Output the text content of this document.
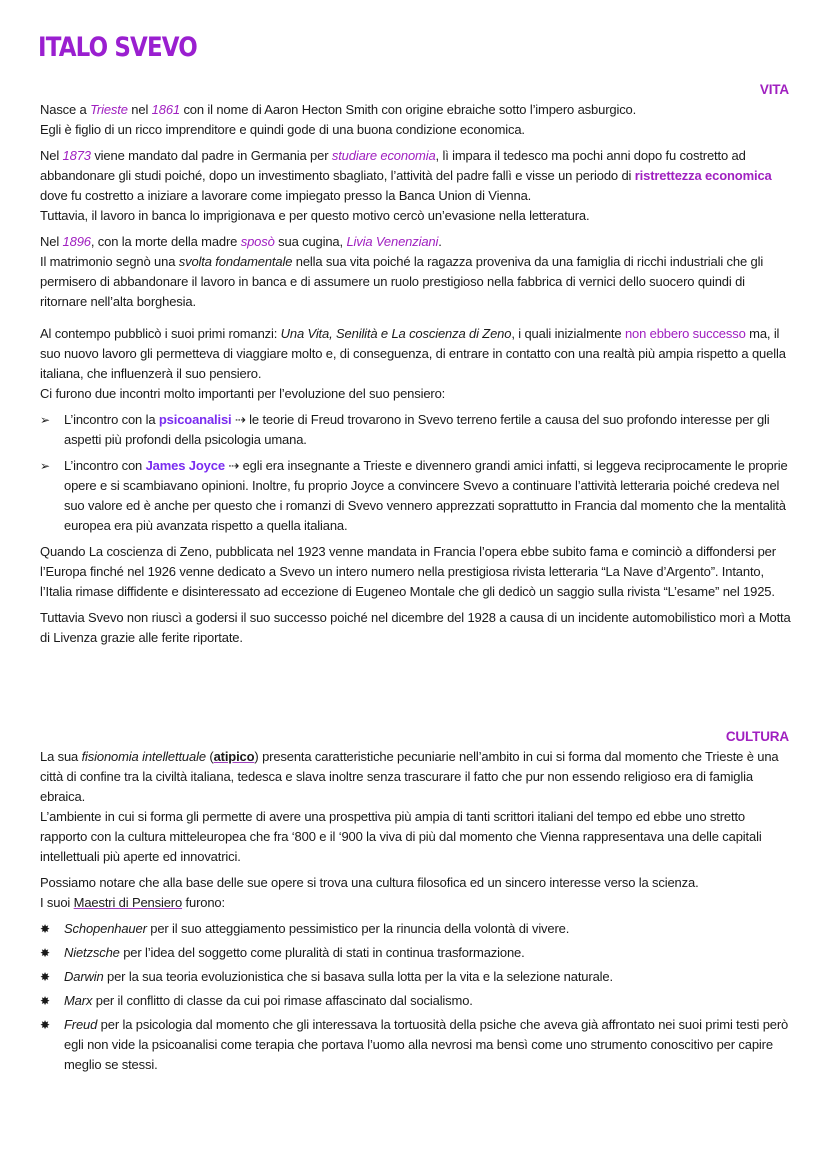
ITALO SVEVO
VITA

Nasce a Trieste nel 1861 con il nome di Aaron Hecton Smith con origine ebraiche sotto l’impero asburgico.
Egli è figlio di un ricco imprenditore e quindi gode di una buona condizione economica.

Nel 1873 viene mandato dal padre in Germania per studiare economia, lì impara il tedesco ma pochi anni dopo fu costretto ad abbandonare gli studi poiché, dopo un investimento sbagliato, l’attività del padre fallì e visse un periodo di ristrettezza economica dove fu costretto a iniziare a lavorare come impiegato presso la Banca Union di Vienna.
Tuttavia, il lavoro in banca lo imprigionava e per questo motivo cercò un’evasione nella letteratura.

Nel 1896, con la morte della madre sposò sua cugina, Livia Venenziani.
Il matrimonio segnò una svolta fondamentale nella sua vita poiché la ragazza proveniva da una famiglia di ricchi industriali che gli permisero di abbandonare il lavoro in banca e di assumere un ruolo prestigioso nella fabbrica di vernici dello suocero quindi di ritornare nell’alta borghesia.

Al contempo pubblicò i suoi primi romanzi: Una Vita, Senilità e La coscienza di Zeno, i quali inizialmente non ebbero successo ma, il suo nuovo lavoro gli permetteva di viaggiare molto e, di conseguenza, di entrare in contatto con una realtà più ampia rispetto a quella italiana, che influenzerà il suo pensiero.
Ci furono due incontri molto importanti per l’evoluzione del suo pensiero:

➢ L’incontro con la psicoanalisi ⇢ le teorie di Freud trovarono in Svevo terreno fertile a causa del suo profondo interesse per gli aspetti più profondi della psicologia umana.
➢ L’incontro con James Joyce ⇢ egli era insegnante a Trieste e divennero grandi amici infatti, si leggeva reciprocamente le proprie opere e si scambiavano opinioni. Inoltre, fu proprio Joyce a convincere Svevo a continuare l’attività letteraria poiché credeva nel suo valore ed è anche per questo che i romanzi di Svevo vennero apprezzati soprattutto in Francia dal momento che la mentalità europea era più avanzata rispetto a quella italiana.

Quando La coscienza di Zeno, pubblicata nel 1923 venne mandata in Francia l’opera ebbe subito fama e cominciò a diffondersi per l’Europa finché nel 1926 venne dedicato a Svevo un intero numero nella prestigiosa rivista letteraria “La Nave d’Argento”. Intanto, l’Italia rimase diffidente e disinteressato ad eccezione di Eugeneo Montale che gli dedicò un saggio sulla rivista “L’esame” nel 1925.

Tuttavia Svevo non riuscì a godersi il suo successo poiché nel dicembre del 1928 a causa di un incidente automobilistico morì a Motta di Livenza grazie alle ferite riportate.

CULTURA

La sua fisionomia intellettuale (atipico) presenta caratteristiche pecuniarie nell’ambito in cui si forma dal momento che Trieste è una città di confine tra la civiltà italiana, tedesca e slava inoltre senza trascurare il fatto che pur non essendo religioso era di famiglia ebraica.
L’ambiente in cui si forma gli permette di avere una prospettiva più ampia di tanti scrittori italiani del tempo ed ebbe uno stretto rapporto con la cultura mitteleuropea che fra ‘800 e il ‘900 la viva di più dal momento che Vienna rappresentava una delle capitali intellettuali più aperte ed innovatrici.

Possiamo notare che alla base delle sue opere si trova una cultura filosofica ed un sincero interesse verso la scienza.
I suoi Maestri di Pensiero furono:

✸ Schopenhauer per il suo atteggiamento pessimistico per la rinuncia della volontà di vivere.
✸ Nietzsche per l’idea del soggetto come pluralità di stati in continua trasformazione.
✸ Darwin per la sua teoria evoluzionistica che si basava sulla lotta per la vita e la selezione naturale.
✸ Marx per il conflitto di classe da cui poi rimase affascinato dal socialismo.
✸ Freud per la psicologia dal momento che gli interessava la tortuosità della psiche che aveva già affrontato nei suoi primi testi però egli non vide la psicoanalisi come terapia che portava l’uomo alla nevrosi ma bensì come uno strumento conoscitivo per capire meglio se stessi.
